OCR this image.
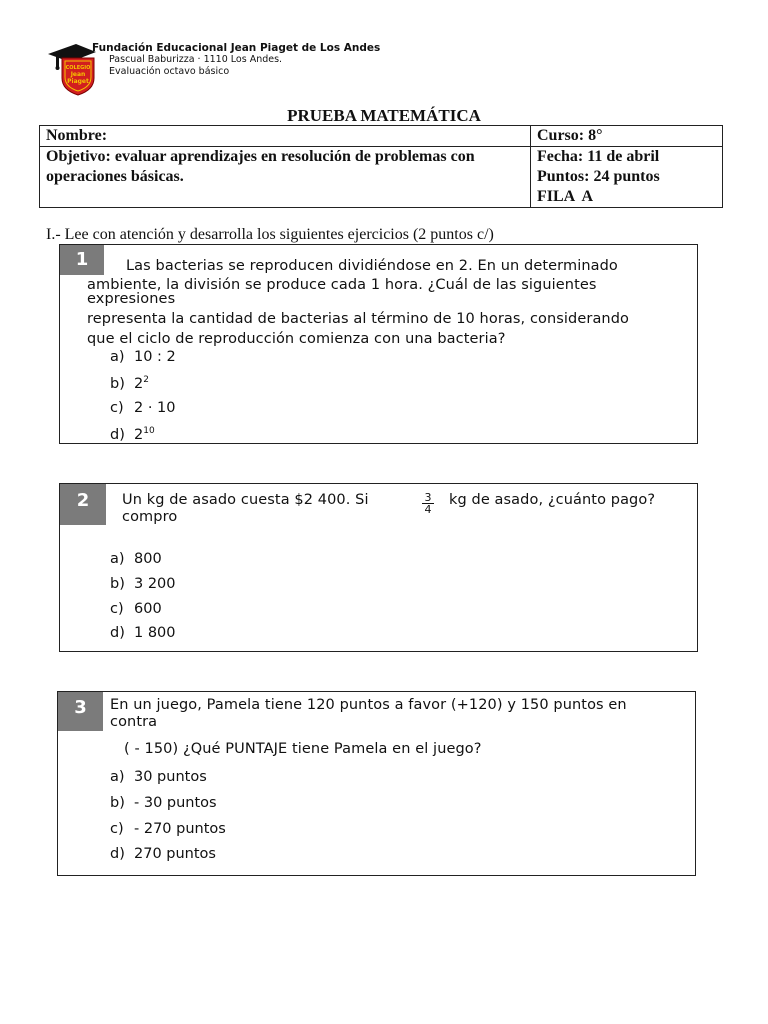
COLEGIO
Jean
Piaget
Fundación Educacional Jean Piaget de Los Andes
Pascual Baburizza · 1110 Los Andes.
Evaluación octavo básico
PRUEBA MATEMÁTICA
Nombre:	Curso: 8°
Objetivo: evaluar aprendizajes en resolución de problemas con operaciones básicas.	Fecha: 11 de abril
Puntos: 24 puntos
FILA  A
I.- Lee con atención y desarrolla los siguientes ejercicios (2 puntos c/)
1	Las bacterias se reproducen dividiéndose en 2. En un determinado
ambiente, la división se produce cada 1 hora. ¿Cuál de las siguientes
expresiones
representa la cantidad de bacterias al término de 10 horas, considerando
que el ciclo de reproducción comienza con una bacteria?
a) 10 : 2
b) $2^2$
c) 2 · 10
d) $2^{10}$
2	Un kg de asado cuesta $2 400. Si
compro
$\frac{3}{4}$ kg de asado, ¿cuánto pago?
a) 800
b) 3 200
c) 600
d) 1 800
3	En un juego, Pamela tiene 120 puntos a favor (+120) y 150 puntos en
contra
( - 150) ¿Qué PUNTAJE tiene Pamela en el juego?
a) 30 puntos
b) - 30 puntos
c) - 270 puntos
d) 270 puntos
